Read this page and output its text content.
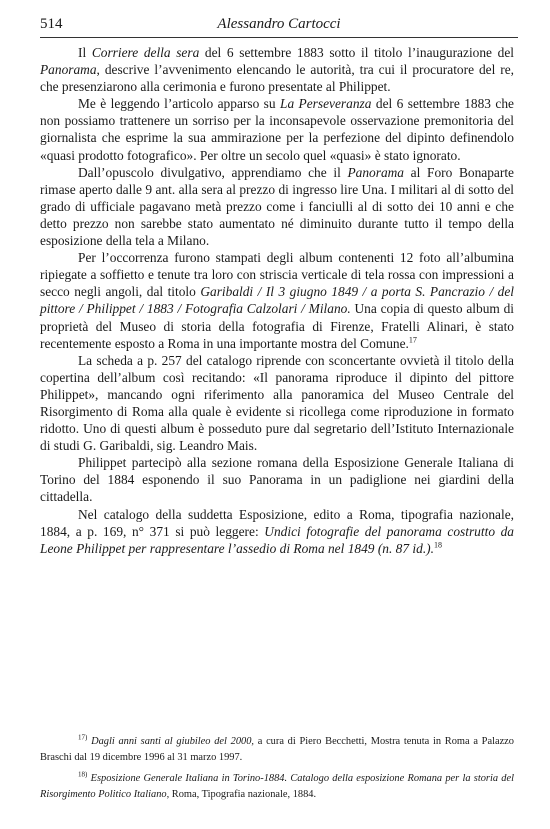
514	Alessandro Cartocci

Il Corriere della sera del 6 settembre 1883 sotto il titolo l’inaugurazione del Panorama, descrive l’avvenimento elencando le autorità, tra cui il procuratore del re, che presenziarono alla cerimonia e furono presentate al Philippet.

Me è leggendo l’articolo apparso su La Perseveranza del 6 settembre 1883 che non possiamo trattenere un sorriso per la inconsapevole osservazione premonitoria del giornalista che esprime la sua ammirazione per la perfezione del dipinto definendolo «quasi prodotto fotografico». Per oltre un secolo quel «quasi» è stato ignorato.

Dall’opuscolo divulgativo, apprendiamo che il Panorama al Foro Bonaparte rimase aperto dalle 9 ant. alla sera al prezzo di ingresso lire Una. I militari al di sotto del grado di ufficiale pagavano metà prezzo come i fanciulli al di sotto dei 10 anni e che detto prezzo non sarebbe stato aumentato né diminuito durante tutto il tempo della esposizione della tela a Milano.

Per l’occorrenza furono stampati degli album contenenti 12 foto all’albumina ripiegate a soffietto e tenute tra loro con striscia verticale di tela rossa con impressioni a secco negli angoli, dal titolo Garibaldi / Il 3 giugno 1849 / a porta S. Pancrazio / del pittore / Philippet / 1883 / Fotografia Calzolari / Milano. Una copia di questo album di proprietà del Museo di storia della fotografia di Firenze, Fratelli Alinari, è stato recentemente esposto a Roma in una importante mostra del Comune.$^{17}$

La scheda a p. 257 del catalogo riprende con sconcertante ovvietà il titolo della copertina dell’album così recitando: «Il panorama riproduce il dipinto del pittore Philippet», mancando ogni riferimento alla panoramica del Museo Centrale del Risorgimento di Roma alla quale è evidente si ricollega come riproduzione in formato ridotto. Uno di questi album è posseduto pure dal segretario dell’Istituto Internazionale di studi G. Garibaldi, sig. Leandro Mais.

Philippet partecipò alla sezione romana della Esposizione Generale Italiana di Torino del 1884 esponendo il suo Panorama in un padiglione nei giardini della cittadella.

Nel catalogo della suddetta Esposizione, edito a Roma, tipografia nazionale, 1884, a p. 169, n° 371 si può leggere: Undici fotografie del panorama costrutto da Leone Philippet per rappresentare l’assedio di Roma nel 1849 (n. 87 id.).$^{18}$

$^{17)}$ Dagli anni santi al giubileo del 2000, a cura di Piero Becchetti, Mostra tenuta in Roma a Palazzo Braschi dal 19 dicembre 1996 al 31 marzo 1997.

$^{18)}$ Esposizione Generale Italiana in Torino-1884. Catalogo della esposizione Romana per la storia del Risorgimento Politico Italiano, Roma, Tipografia nazionale, 1884.
